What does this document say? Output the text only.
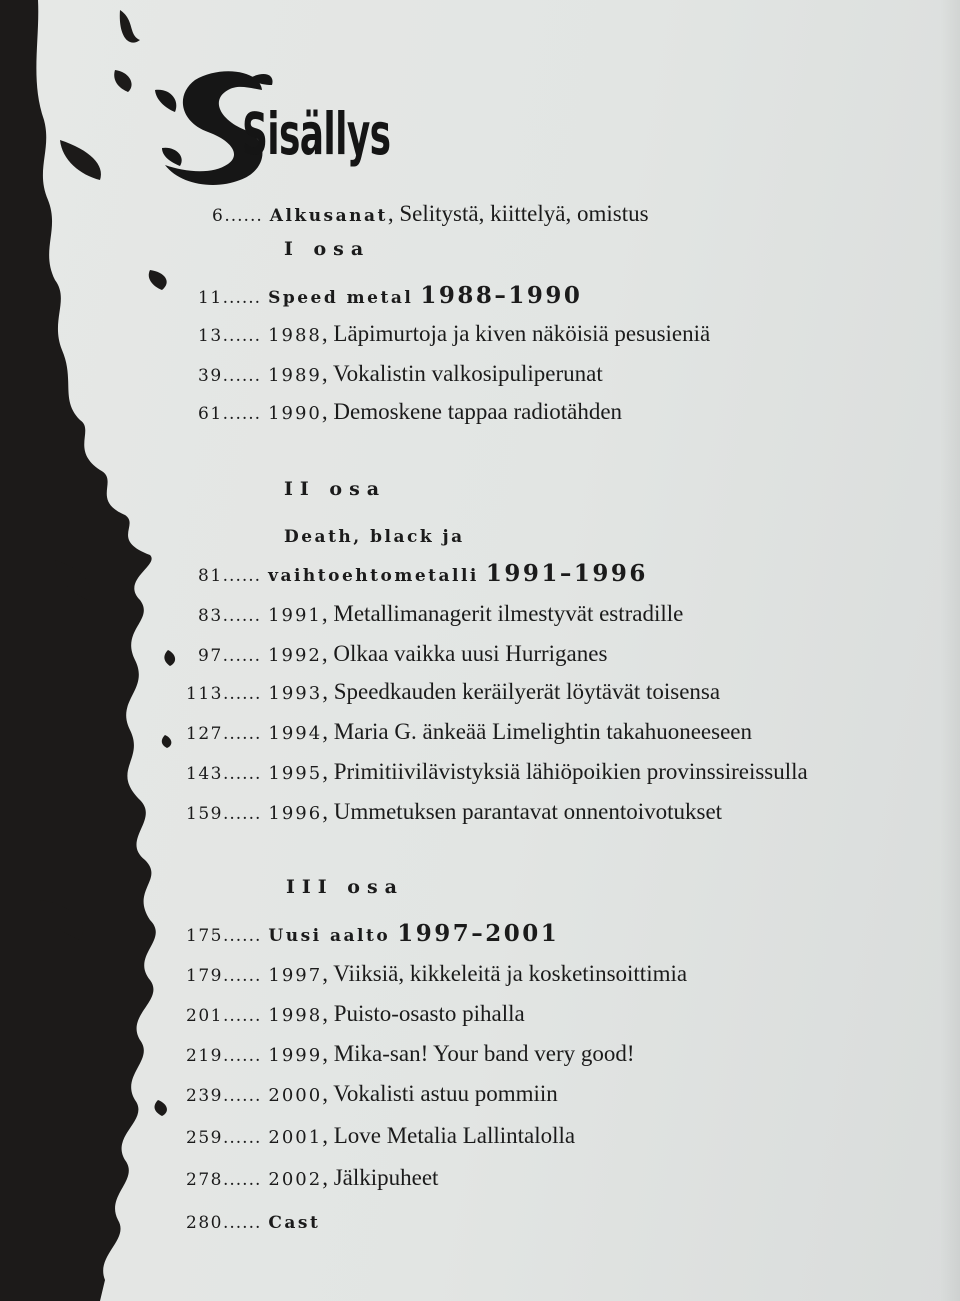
Sisällys
6...... Alkusanat, Selitystä, kiittelyä, omistus
I osa
11...... Speed metal 1988–1990
13...... 1988, Läpimurtoja ja kiven näköisiä pesusieniä
39...... 1989, Vokalistin valkosipuliperunat
61...... 1990, Demoskene tappaa radiotähden
II osa
Death, black ja
81...... vaihtoehtometalli 1991–1996
83...... 1991, Metallimanagerit ilmestyvät estradille
97...... 1992, Olkaa vaikka uusi Hurriganes
113...... 1993, Speedkauden keräilyerät löytävät toisensa
127...... 1994, Maria G. änkeää Limelightin takahuoneeseen
143...... 1995, Primitiivilävistyksiä lähiöpoikien provinssireissulla
159...... 1996, Ummetuksen parantavat onnentoivotukset
III osa
175...... Uusi aalto 1997–2001
179...... 1997, Viiksiä, kikkeleitä ja kosketinsoittimia
201...... 1998, Puisto-osasto pihalla
219...... 1999, Mika-san! Your band very good!
239...... 2000, Vokalisti astuu pommiin
259...... 2001, Love Metalia Lallintalolla
278...... 2002, Jälkipuheet
280...... Cast
